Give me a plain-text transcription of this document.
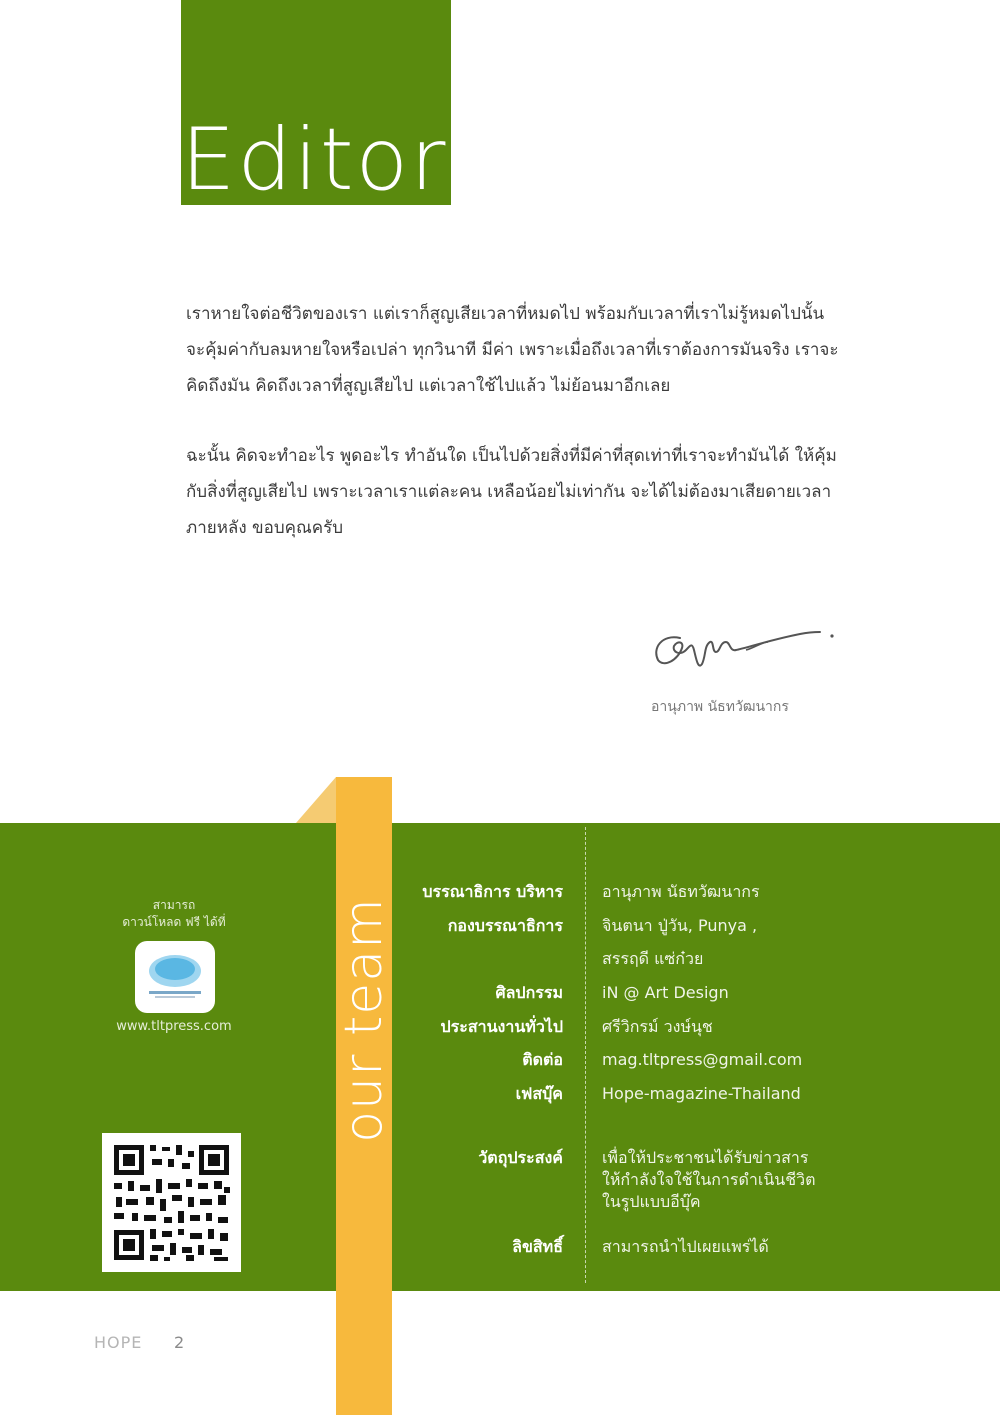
Editor

เราหายใจต่อชีวิตของเรา แต่เราก็สูญเสียเวลาที่หมดไป พร้อมกับเวลาที่เราไม่รู้หมดไปนั้น จะคุ้มค่ากับลมหายใจหรือเปล่า ทุกวินาที มีค่า เพราะเมื่อถึงเวลาที่เราต้องการมันจริง เราจะคิดถึงมัน คิดถึงเวลาที่สูญเสียไป แต่เวลาใช้ไปแล้ว ไม่ย้อนมาอีกเลย

ฉะนั้น คิดจะทำอะไร พูดอะไร ทำอันใด เป็นไปด้วยสิ่งที่มีค่าที่สุดเท่าที่เราจะทำมันได้ ให้คุ้มกับสิ่งที่สูญเสียไป เพราะเวลาเราแต่ละคน เหลือน้อยไม่เท่ากัน จะได้ไม่ต้องมาเสียดายเวลาภายหลัง ขอบคุณครับ

อานุภาพ นัธทวัฒนากร
our team
สามารถ
ดาวน์โหลด ฟรี ได้ที่
www.tltpress.com
บรรณาธิการ บริหาร อานุภาพ นัธทวัฒนากร
กองบรรณาธิการ จินตนา ปู่วัน, Punya ,
สรรฤดี แซ่ก๋วย
ศิลปกรรม iN @ Art Design
ประสานงานทั่วไป ศรีวิกรม์ วงษ์นุช
ติดต่อ mag.tltpress@gmail.com
เฟสบุ๊ค Hope-magazine-Thailand
วัตถุประสงค์ เพื่อให้ประชาชนได้รับข่าวสาร
ให้กำลังใจใช้ในการดำเนินชีวิต
ในรูปแบบอีบุ๊ค
ลิขสิทธิ์ สามารถนำไปเผยแพร่ได้
HOPE 2
